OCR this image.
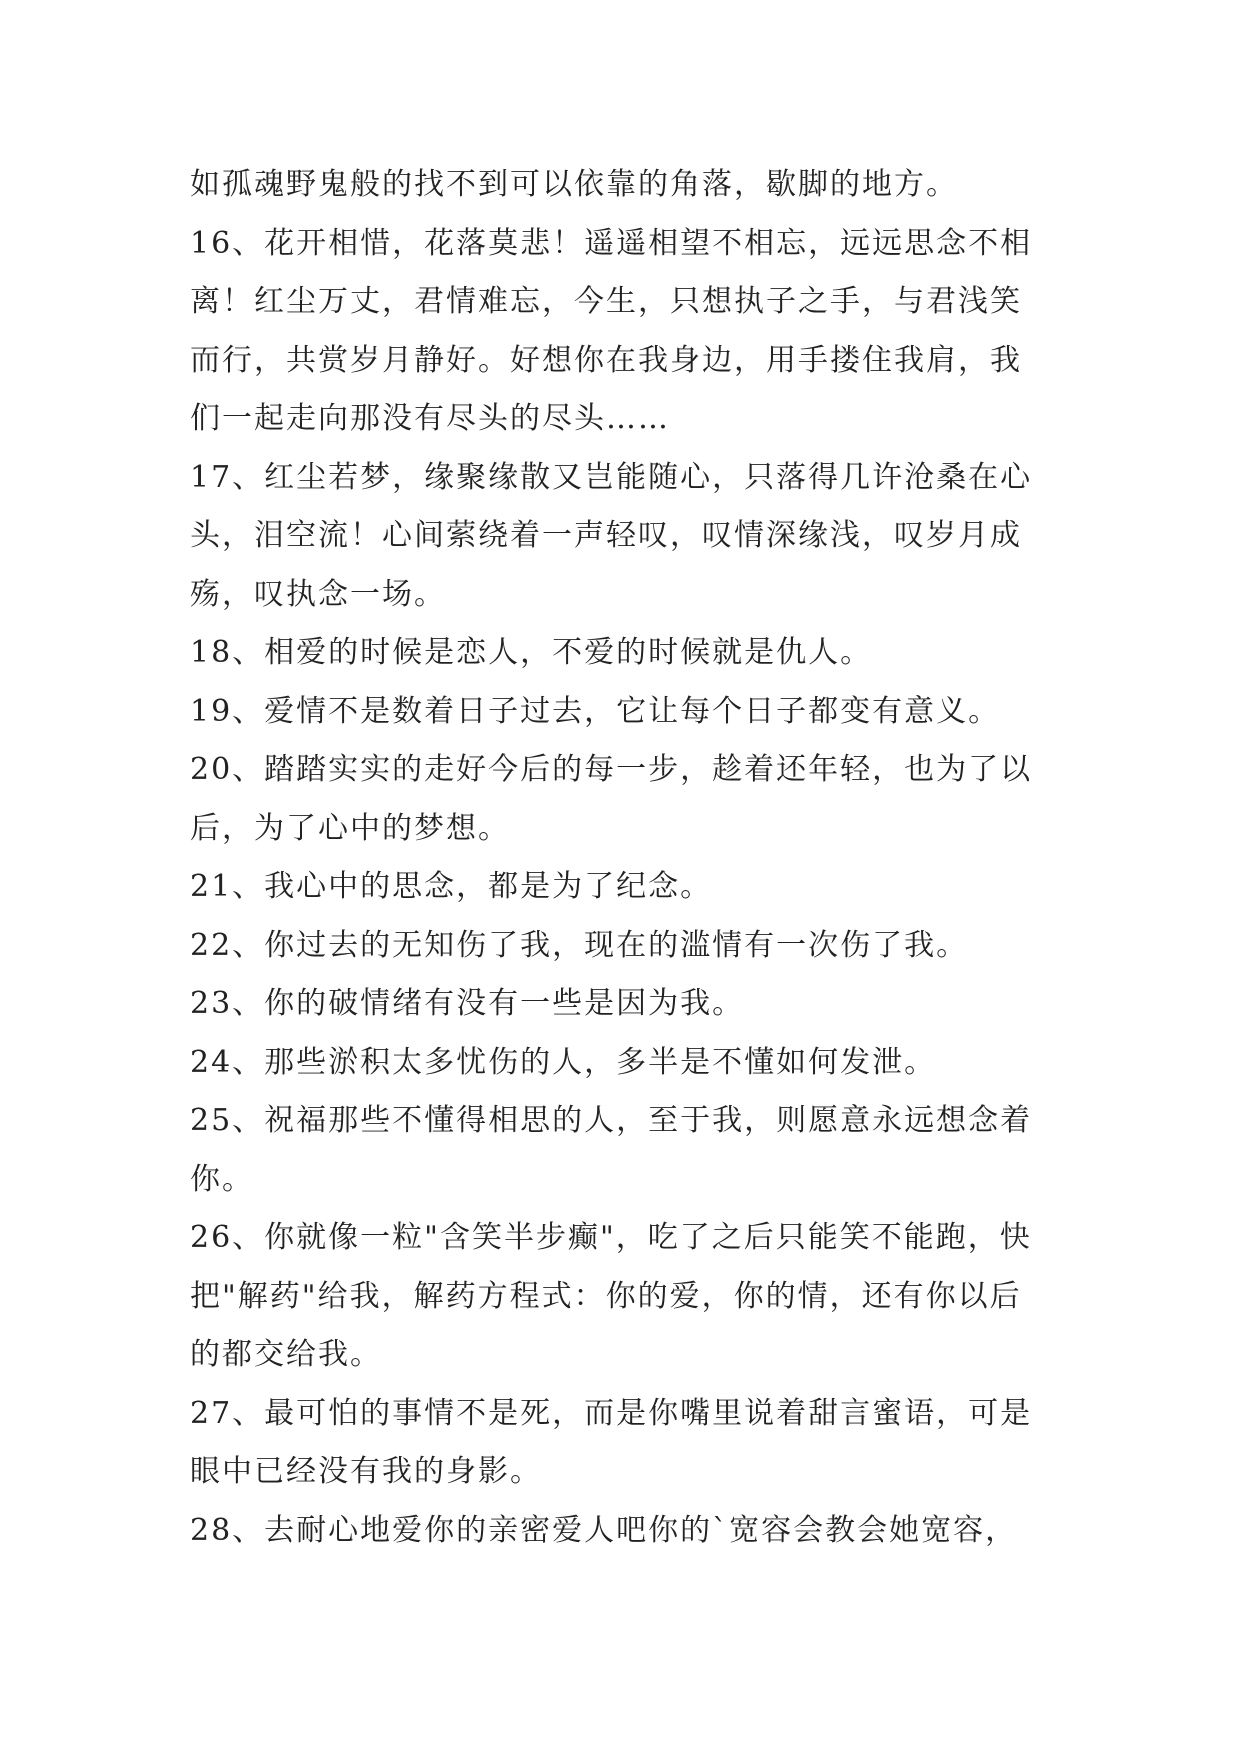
如孤魂野鬼般的找不到可以依靠的角落，歇脚的地方。
16、花开相惜，花落莫悲！遥遥相望不相忘，远远思念不相
离！红尘万丈，君情难忘，今生，只想执子之手，与君浅笑
而行，共赏岁月静好。好想你在我身边，用手搂住我肩，我
们一起走向那没有尽头的尽头……
17、红尘若梦，缘聚缘散又岂能随心，只落得几许沧桑在心
头，泪空流！心间萦绕着一声轻叹，叹情深缘浅，叹岁月成
殇，叹执念一场。
18、相爱的时候是恋人，不爱的时候就是仇人。
19、爱情不是数着日子过去，它让每个日子都变有意义。
20、踏踏实实的走好今后的每一步，趁着还年轻，也为了以
后，为了心中的梦想。
21、我心中的思念，都是为了纪念。
22、你过去的无知伤了我，现在的滥情有一次伤了我。
23、你的破情绪有没有一些是因为我。
24、那些淤积太多忧伤的人，多半是不懂如何发泄。
25、祝福那些不懂得相思的人，至于我，则愿意永远想念着
你。
26、你就像一粒"含笑半步癫"，吃了之后只能笑不能跑，快
把"解药"给我，解药方程式：你的爱，你的情，还有你以后
的都交给我。
27、最可怕的事情不是死，而是你嘴里说着甜言蜜语，可是
眼中已经没有我的身影。
28、去耐心地爱你的亲密爱人吧你的`宽容会教会她宽容，
